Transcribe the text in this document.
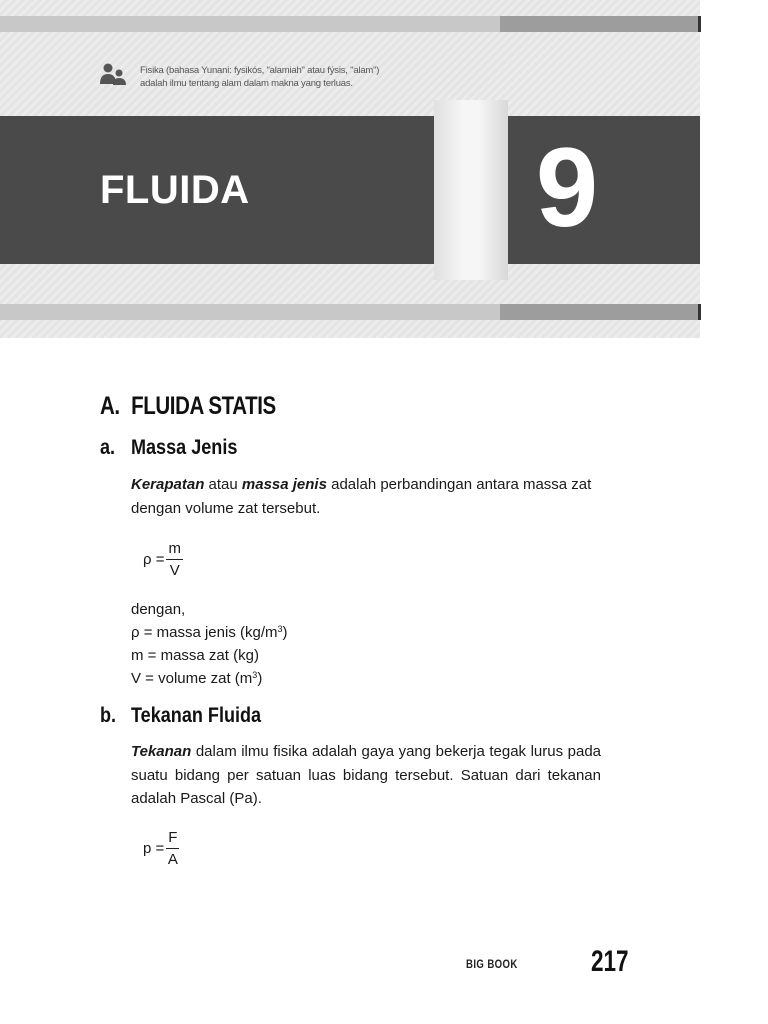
Fisika (bahasa Yunani: fysikós, "alamiah" atau fýsis, "alam")
adalah ilmu tentang alam dalam makna yang terluas.
FLUIDA	9
A. FLUIDA STATIS
a. Massa Jenis
Kerapatan atau massa jenis adalah perbandingan antara massa zat dengan volume zat tersebut.
$\rho = \frac{m}{V}$
dengan,
ρ = massa jenis $(kg/m^3)$
m = massa zat (kg)
V = volume zat $(m^3)$
b. Tekanan Fluida
Tekanan dalam ilmu fisika adalah gaya yang bekerja tegak lurus pada suatu bidang per satuan luas bidang tersebut. Satuan dari tekanan adalah Pascal (Pa).
$p = \frac{F}{A}$
BIG BOOK 217
